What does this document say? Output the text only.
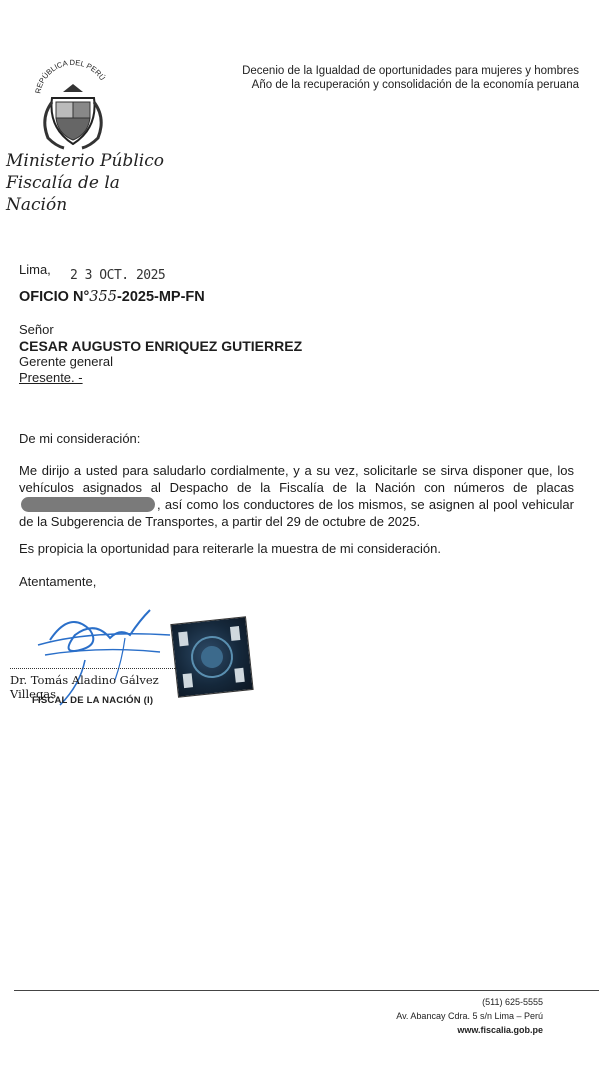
REPÚBLICA DEL PERÚ
Ministerio Público
Fiscalía de la Nación
Decenio de la Igualdad de oportunidades para mujeres y hombres
Año de la recuperación y consolidación de la economía peruana
Lima, 2 3 OCT. 2025
OFICIO N°355-2025-MP-FN
Señor
CESAR AUGUSTO ENRIQUEZ GUTIERREZ
Gerente general
Presente. -
De mi consideración:
Me dirijo a usted para saludarlo cordialmente, y a su vez, solicitarle se sirva disponer que, los vehículos asignados al Despacho de la Fiscalía de la Nación con números de placas, así como los conductores de los mismos, se asignen al pool vehicular de la Subgerencia de Transportes, a partir del 29 de octubre de 2025.
Es propicia la oportunidad para reiterarle la muestra de mi consideración.
Atentamente,
Dr. Tomás Aladino Gálvez Villegas
FISCAL DE LA NACIÓN (I)
(511) 625-5555
Av. Abancay Cdra. 5 s/n Lima – Perú
www.fiscalia.gob.pe
